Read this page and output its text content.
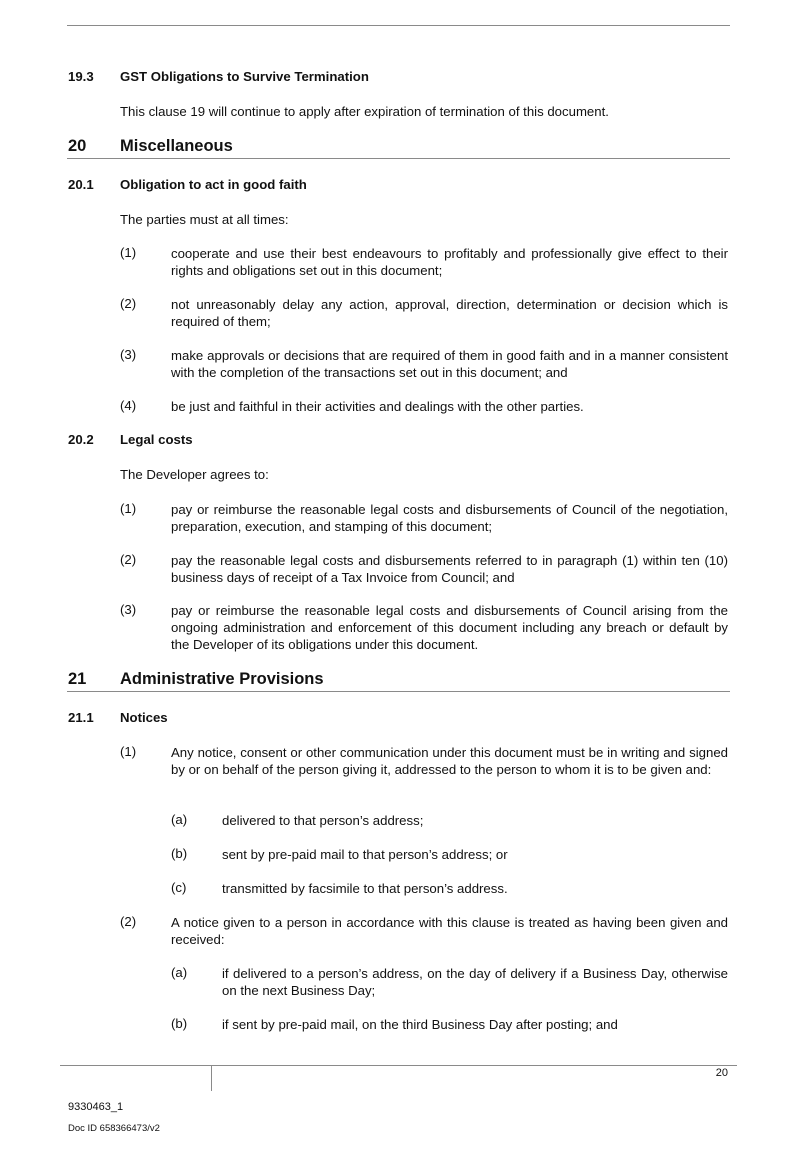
19.3 GST Obligations to Survive Termination
This clause 19 will continue to apply after expiration of termination of this document.
20 Miscellaneous
20.1 Obligation to act in good faith
The parties must at all times:
(1)	cooperate and use their best endeavours to profitably and professionally give effect to their rights and obligations set out in this document;
(2)	not unreasonably delay any action, approval, direction, determination or decision which is required of them;
(3)	make approvals or decisions that are required of them in good faith and in a manner consistent with the completion of the transactions set out in this document; and
(4)	be just and faithful in their activities and dealings with the other parties.
20.2 Legal costs
The Developer agrees to:
(1)	pay or reimburse the reasonable legal costs and disbursements of Council of the negotiation, preparation, execution, and stamping of this document;
(2)	pay the reasonable legal costs and disbursements referred to in paragraph (1) within ten (10) business days of receipt of a Tax Invoice from Council; and
(3)	pay or reimburse the reasonable legal costs and disbursements of Council arising from the ongoing administration and enforcement of this document including any breach or default by the Developer of its obligations under this document.
21 Administrative Provisions
21.1 Notices
(1)	Any notice, consent or other communication under this document must be in writing and signed by or on behalf of the person giving it, addressed to the person to whom it is to be given and:
(a)	delivered to that person’s address;
(b)	sent by pre-paid mail to that person’s address; or
(c)	transmitted by facsimile to that person’s address.
(2)	A notice given to a person in accordance with this clause is treated as having been given and received:
(a)	if delivered to a person’s address, on the day of delivery if a Business Day, otherwise on the next Business Day;
(b)	if sent by pre-paid mail, on the third Business Day after posting; and
20
9330463_1
Doc ID 658366473/v2
